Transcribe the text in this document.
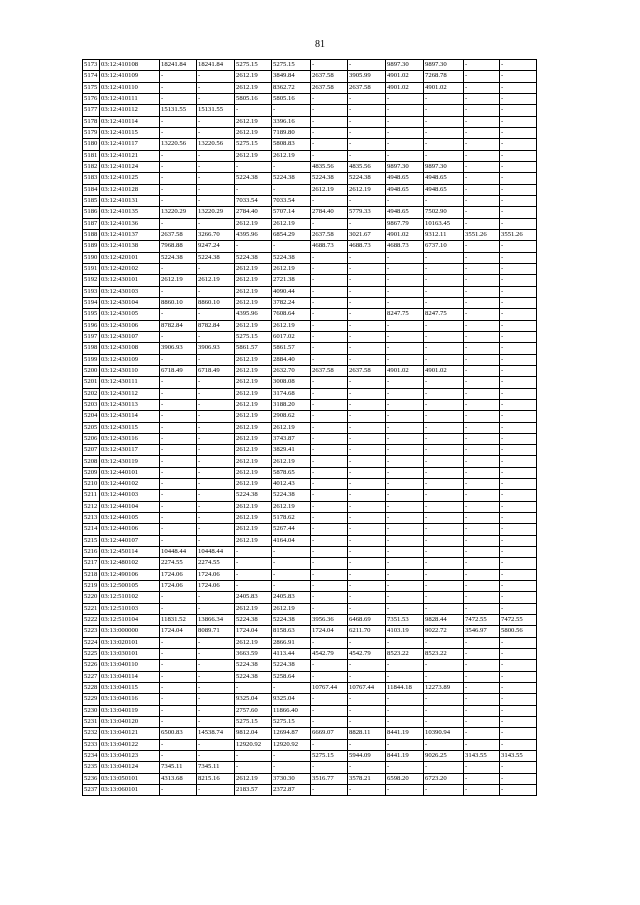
81
5173	03:12:410108	18241.84	18241.84	5275.15	5275.15	-	-	9897.30	9897.30	-	-
5174	03:12:410109	-	-	2612.19	3849.84	2637.58	3905.99	4901.02	7268.78	-	-
5175	03:12:410110	-	-	2612.19	8362.72	2637.58	2637.58	4901.02	4901.02	-	-
5176	03:12:410111	-	-	5805.16	5805.16	-	-	-	-	-	-
5177	03:12:410112	15131.55	15131.55	-	-	-	-	-	-	-	-
5178	03:12:410114	-	-	2612.19	3396.16	-	-	-	-	-	-
5179	03:12:410115	-	-	2612.19	7189.80	-	-	-	-	-	-
5180	03:12:410117	13220.56	13220.56	5275.15	5808.83	-	-	-	-	-	-
5181	03:12:410121	-	-	2612.19	2612.19	-	-	-	-	-	-
5182	03:12:410124	-	-	-	-	4835.56	4835.56	9897.30	9897.30	-	-
5183	03:12:410125	-	-	5224.38	5224.38	5224.38	5224.38	4948.65	4948.65	-	-
5184	03:12:410128	-	-	-	-	2612.19	2612.19	4948.65	4948.65	-	-
5185	03:12:410131	-	-	7033.54	7033.54	-	-	-	-	-	-
5186	03:12:410135	13220.29	13220.29	2784.40	5707.14	2784.40	5779.33	4948.65	7502.90	-	-
5187	03:12:410136	-	-	2612.19	2612.19	-	-	9867.79	10163.45	-	-
5188	03:12:410137	2637.58	3266.70	4395.96	6854.29	2637.58	3021.67	4901.02	9312.11	3551.26	3551.26
5189	03:12:410138	7968.88	9247.24	-	-	4688.73	4688.73	4688.73	6737.10	-	-
5190	03:12:420101	5224.38	5224.38	5224.38	5224.38	-	-	-	-	-	-
5191	03:12:420102	-	-	2612.19	2612.19	-	-	-	-	-	-
5192	03:12:430101	2612.19	2612.19	2612.19	2721.38	-	-	-	-	-	-
5193	03:12:430103	-	-	2612.19	4090.44	-	-	-	-	-	-
5194	03:12:430104	8860.10	8860.10	2612.19	3782.24	-	-	-	-	-	-
5195	03:12:430105	-	-	4395.96	7608.64	-	-	8247.75	8247.75	-	-
5196	03:12:430106	8782.84	8782.84	2612.19	2612.19	-	-	-	-	-	-
5197	03:12:430107	-	-	5275.15	6017.02	-	-	-	-	-	-
5198	03:12:430108	3906.93	3906.93	5861.57	5861.57	-	-	-	-	-	-
5199	03:12:430109	-	-	2612.19	2884.40	-	-	-	-	-	-
5200	03:12:430110	6718.49	6718.49	2612.19	2632.70	2637.58	2637.58	4901.02	4901.02	-	-
5201	03:12:430111	-	-	2612.19	3008.08	-	-	-	-	-	-
5202	03:12:430112	-	-	2612.19	3174.68	-	-	-	-	-	-
5203	03:12:430113	-	-	2612.19	3188.20	-	-	-	-	-	-
5204	03:12:430114	-	-	2612.19	2908.62	-	-	-	-	-	-
5205	03:12:430115	-	-	2612.19	2612.19	-	-	-	-	-	-
5206	03:12:430116	-	-	2612.19	3743.87	-	-	-	-	-	-
5207	03:12:430117	-	-	2612.19	3829.41	-	-	-	-	-	-
5208	03:12:430119	-	-	2612.19	2612.19	-	-	-	-	-	-
5209	03:12:440101	-	-	2612.19	5878.65	-	-	-	-	-	-
5210	03:12:440102	-	-	2612.19	4012.43	-	-	-	-	-	-
5211	03:12:440103	-	-	5224.38	5224.38	-	-	-	-	-	-
5212	03:12:440104	-	-	2612.19	2612.19	-	-	-	-	-	-
5213	03:12:440105	-	-	2612.19	5178.62	-	-	-	-	-	-
5214	03:12:440106	-	-	2612.19	5267.44	-	-	-	-	-	-
5215	03:12:440107	-	-	2612.19	4164.04	-	-	-	-	-	-
5216	03:12:450114	10448.44	10448.44	-	-	-	-	-	-	-	-
5217	03:12:480102	2274.55	2274.55	-	-	-	-	-	-	-	-
5218	03:12:490106	1724.06	1724.06	-	-	-	-	-	-	-	-
5219	03:12:500105	1724.06	1724.06	-	-	-	-	-	-	-	-
5220	03:12:510102	-	-	2405.83	2405.83	-	-	-	-	-	-
5221	03:12:510103	-	-	2612.19	2612.19	-	-	-	-	-	-
5222	03:12:510104	11831.52	13866.34	5224.38	5224.38	3956.36	6468.69	7351.53	9828.44	7472.55	7472.55
5223	03:13:000000	1724.04	8089.71	1724.04	8158.63	1724.04	6211.70	4103.19	9022.72	3546.97	5800.56
5224	03:13:020101	-	-	2612.19	2866.91	-	-	-	-	-	-
5225	03:13:030101	-	-	3663.59	4113.44	4542.79	4542.79	8523.22	8523.22	-	-
5226	03:13:040110	-	-	5224.38	5224.38	-	-	-	-	-	-
5227	03:13:040114	-	-	5224.38	5258.64	-	-	-	-	-	-
5228	03:13:040115	-	-	-	-	10767.44	10767.44	11844.18	12273.89	-	-
5229	03:13:040116	-	-	9325.04	9325.04	-	-	-	-	-	-
5230	03:13:040119	-	-	2757.60	11866.40	-	-	-	-	-	-
5231	03:13:040120	-	-	5275.15	5275.15	-	-	-	-	-	-
5232	03:13:040121	6500.83	14538.74	9812.04	12694.87	6669.07	8828.11	8441.19	10390.94	-	-
5233	03:13:040122	-	-	12920.92	12920.92	-	-	-	-	-	-
5234	03:13:040123	-	-	-	-	5275.15	5944.09	8441.19	9026.25	3143.55	3143.55
5235	03:13:040124	7345.11	7345.11	-	-	-	-	-	-	-	-
5236	03:13:050101	4313.68	8215.16	2612.19	3730.30	3516.77	3578.21	6598.20	6723.20	-	-
5237	03:13:060101	-	-	2183.57	2372.87	-	-	-	-	-	-
